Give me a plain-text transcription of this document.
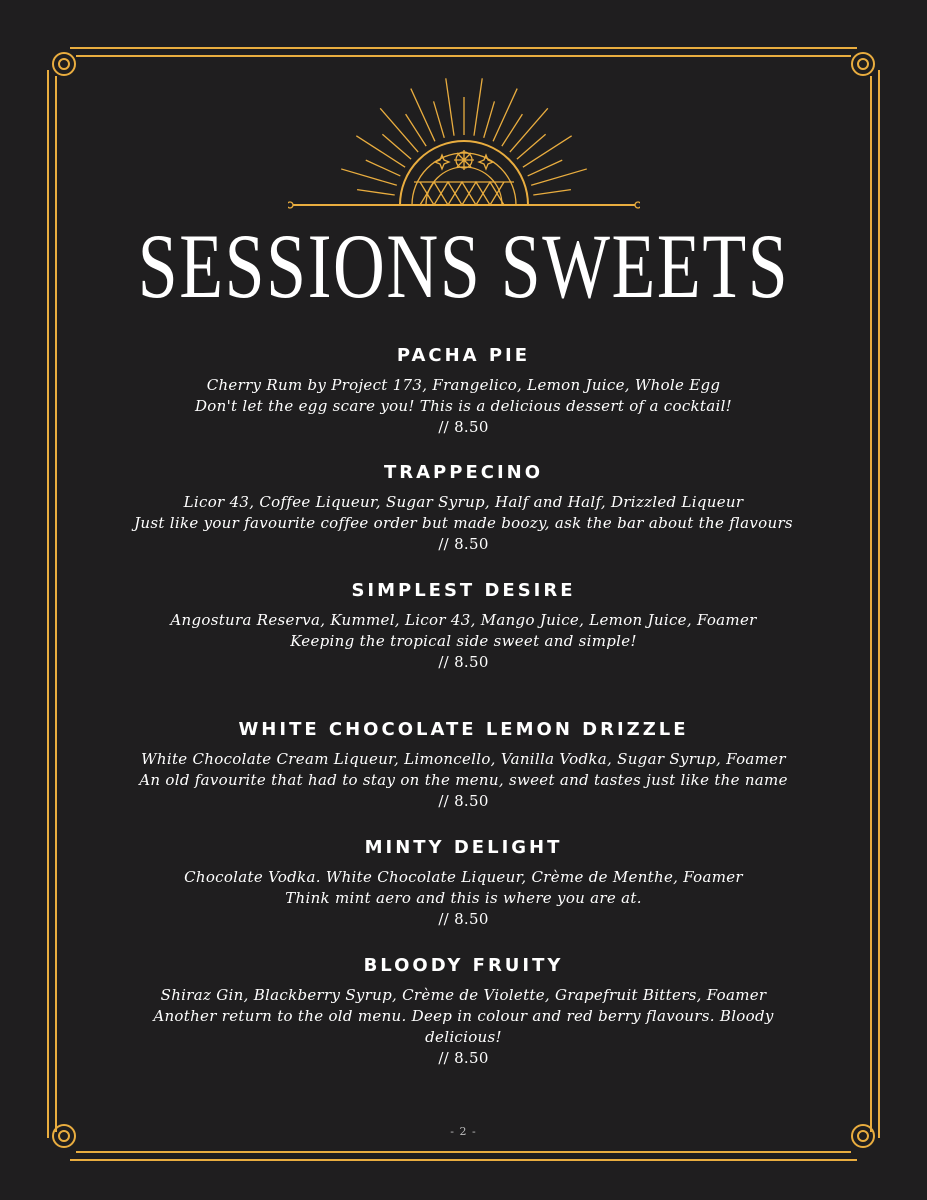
SESSIONS SWEETS
PACHA PIE
Cherry Rum by Project 173, Frangelico, Lemon Juice, Whole Egg
Don't let the egg scare you! This is a delicious dessert of a cocktail!
// 8.50
TRAPPECINO
Licor 43, Coffee Liqueur, Sugar Syrup, Half and Half, Drizzled Liqueur
Just like your favourite coffee order but made boozy, ask the bar about the flavours
// 8.50
SIMPLEST DESIRE
Angostura Reserva, Kummel, Licor 43, Mango Juice, Lemon Juice, Foamer
Keeping the tropical side sweet and simple!
// 8.50
WHITE CHOCOLATE LEMON DRIZZLE
White Chocolate Cream Liqueur, Limoncello, Vanilla Vodka, Sugar Syrup, Foamer
An old favourite that had to stay on the menu, sweet and tastes just like the name
// 8.50
MINTY DELIGHT
Chocolate Vodka. White Chocolate Liqueur, Crème de Menthe, Foamer
Think mint aero and this is where you are at.
// 8.50
BLOODY FRUITY
Shiraz Gin, Blackberry Syrup, Crème de Violette, Grapefruit Bitters, Foamer
Another return to the old menu. Deep in colour and red berry flavours. Bloody delicious!
// 8.50
- 2 -
